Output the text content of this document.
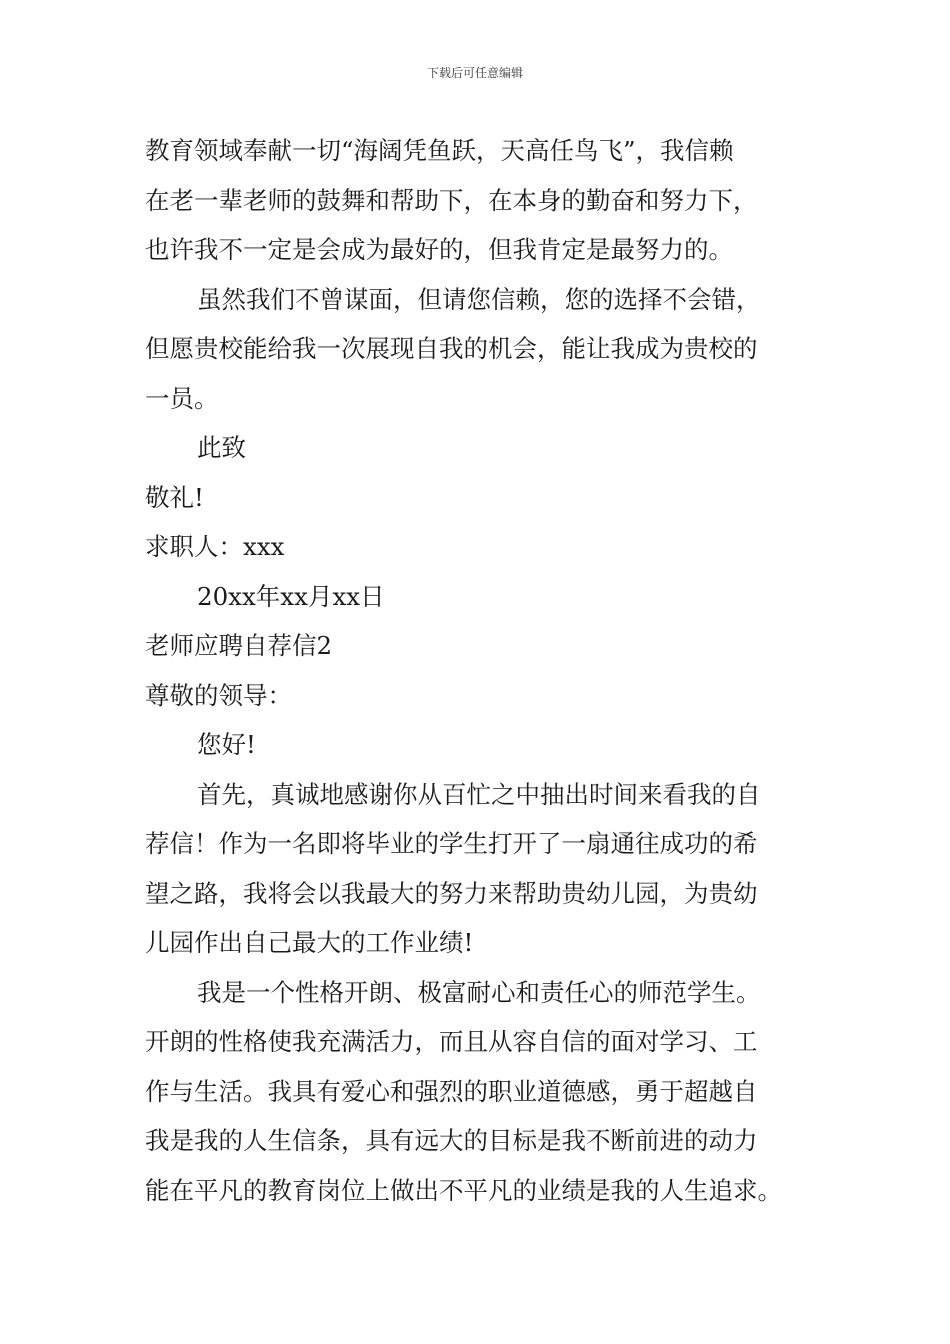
下载后可任意编辑

教育领域奉献一切“海阔凭鱼跃，天高任鸟飞”，我信赖

在老一辈老师的鼓舞和帮助下，在本身的勤奋和努力下，

也许我不一定是会成为最好的，但我肯定是最努力的。

虽然我们不曾谋面，但请您信赖，您的选择不会错，

但愿贵校能给我一次展现自我的机会，能让我成为贵校的

一员。

此致

敬礼!

求职人：xxx

20xx年xx月xx日

老师应聘自荐信2

尊敬的领导：

您好!

首先，真诚地感谢你从百忙之中抽出时间来看我的自

荐信！作为一名即将毕业的学生打开了一扇通往成功的希

望之路，我将会以我最大的努力来帮助贵幼儿园，为贵幼

儿园作出自己最大的工作业绩!

我是一个性格开朗、极富耐心和责任心的师范学生。

开朗的性格使我充满活力，而且从容自信的面对学习、工

作与生活。我具有爱心和强烈的职业道德感，勇于超越自

我是我的人生信条，具有远大的目标是我不断前进的动力

能在平凡的教育岗位上做出不平凡的业绩是我的人生追求。
